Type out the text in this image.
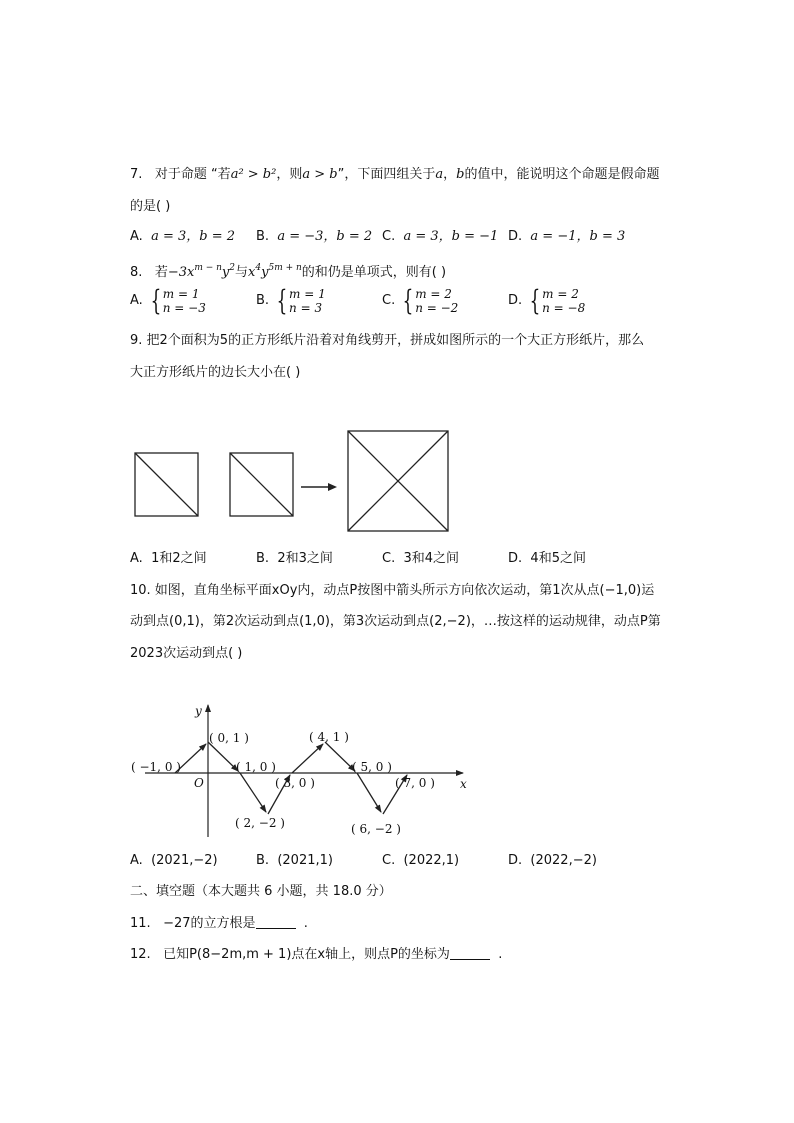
7. 对于命题 “若a² > b²，则a > b”，下面四组关于a，b的值中，能说明这个命题是假命题
的是( )
A. a = 3，b = 2 B. a = −3，b = 2 C. a = 3，b = −1 D. a = −1，b = 3
8. 若$-3x^{m - n}y^2$与$x^4y^{5m + n}$的和仍是单项式，则有( )
A.
{ m = 1
n = −3	B.
{ m = 1
n = 3	C.
{ m = 2
n = −2	D.
{ m = 2
n = −8
9. 把2个面积为5的正方形纸片沿着对角线剪开，拼成如图所示的一个大正方形纸片，那么
大正方形纸片的边长大小在( )
A. 1和2之间	B. 2和3之间	C. 3和4之间	D. 4和5之间
10. 如图，直角坐标平面xOy内，动点P按图中箭头所示方向依次运动，第1次从点(−1,0)运
动到点(0,1)，第2次运动到点(1,0)，第3次运动到点(2,−2)，…按这样的运动规律，动点P第
2023次运动到点( )
y
x
O
( −1, 0 )
( 0, 1 )
( 1, 0 )
( 2, −2 )
( 3, 0 )
( 4, 1 )
( 5, 0 )
( 6, −2 )
( 7, 0 )
A. (2021,−2)	B. (2021,1)	C. (2022,1)	D. (2022,−2)
二、填空题（本大题共 6 小题，共 18.0 分）
11. −27的立方根是	.
12. 已知P(8−2m,m + 1)点在x轴上，则点P的坐标为	.
